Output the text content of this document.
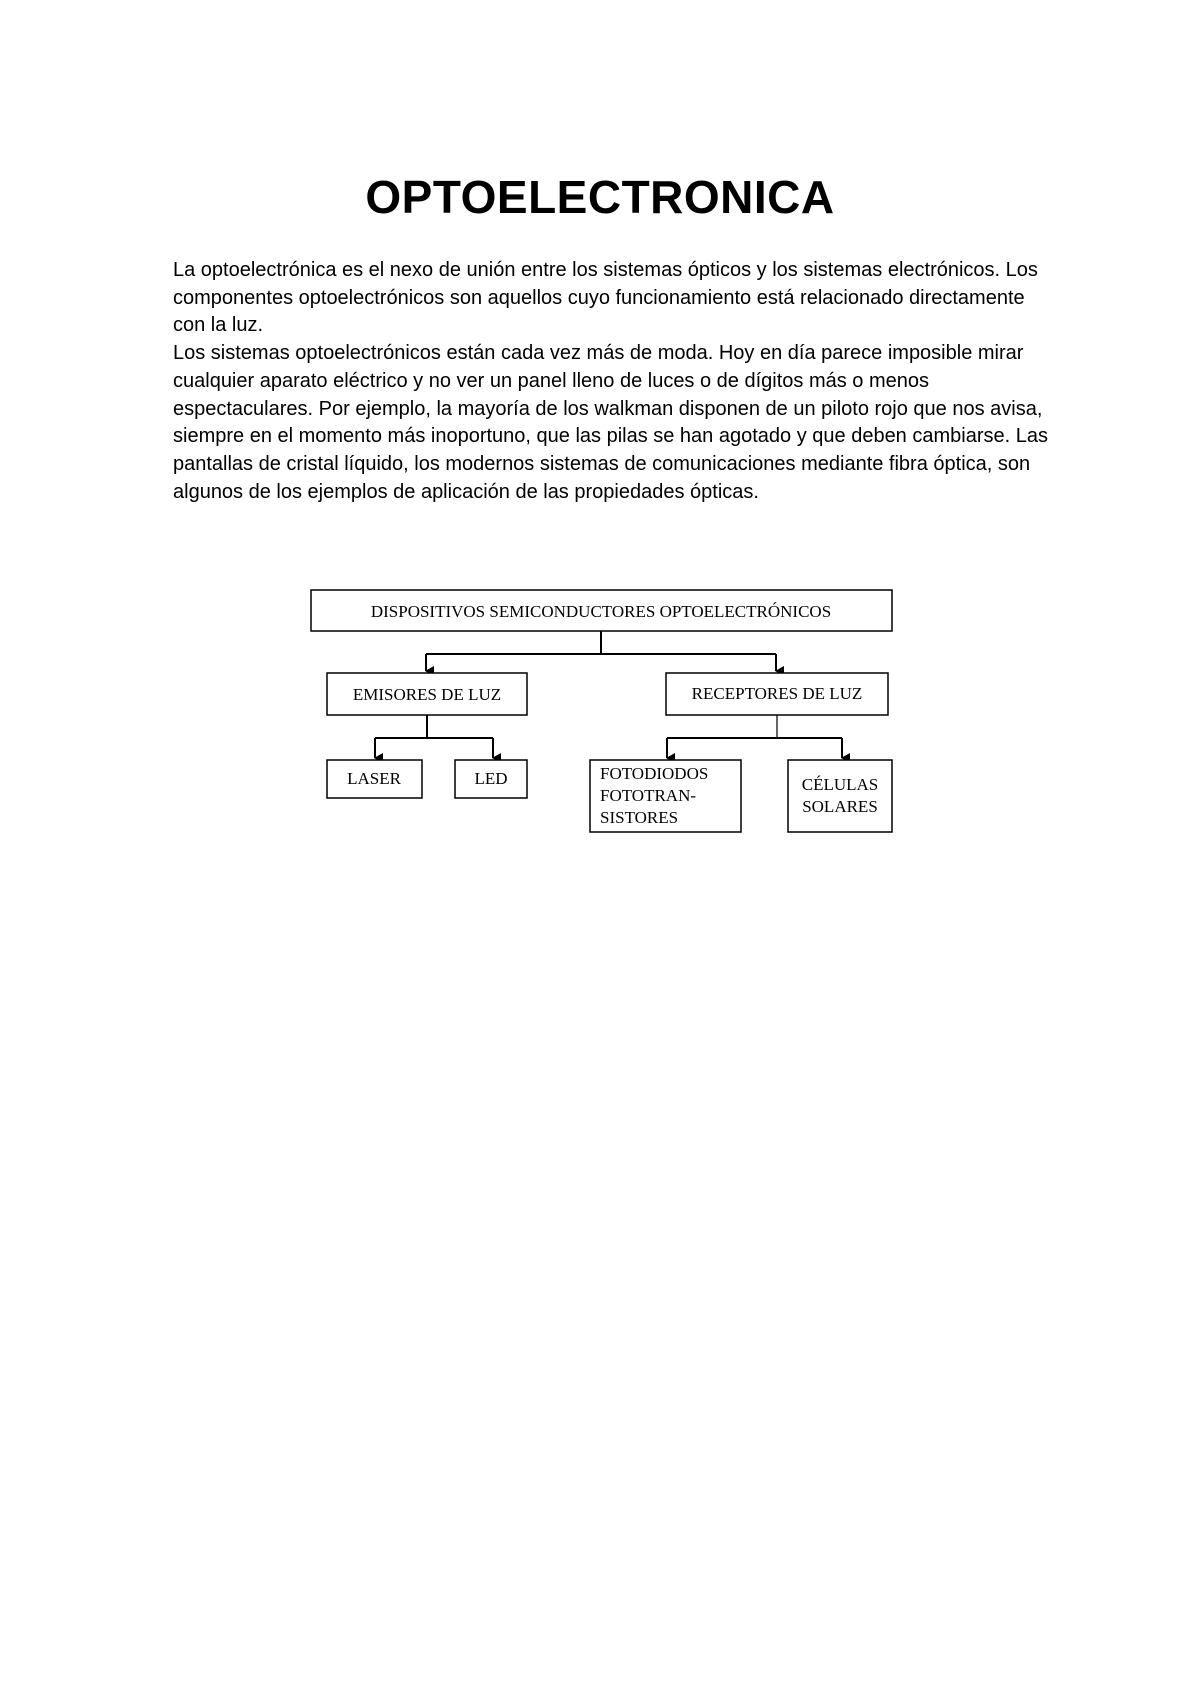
OPTOELECTRONICA

La optoelectrónica es el nexo de unión entre los sistemas ópticos y los sistemas electrónicos. Los componentes optoelectrónicos son aquellos cuyo funcionamiento está relacionado directamente con la luz.

Los sistemas optoelectrónicos están cada vez más de moda. Hoy en día parece imposible mirar cualquier aparato eléctrico y no ver un panel lleno de luces o de dígitos más o menos espectaculares. Por ejemplo, la mayoría de los walkman disponen de un piloto rojo que nos avisa, siempre en el momento más inoportuno, que las pilas se han agotado y que deben cambiarse. Las pantallas de cristal líquido, los modernos sistemas de comunicaciones mediante fibra óptica, son algunos de los ejemplos de aplicación de las propiedades ópticas.

DISPOSITIVOS SEMICONDUCTORES OPTOELECTRÓNICOS
EMISORES DE LUZ	RECEPTORES DE LUZ
LASER	LED	FOTODIODOS
FOTOTRAN-
SISTORES
CÉLULAS
SOLARES
